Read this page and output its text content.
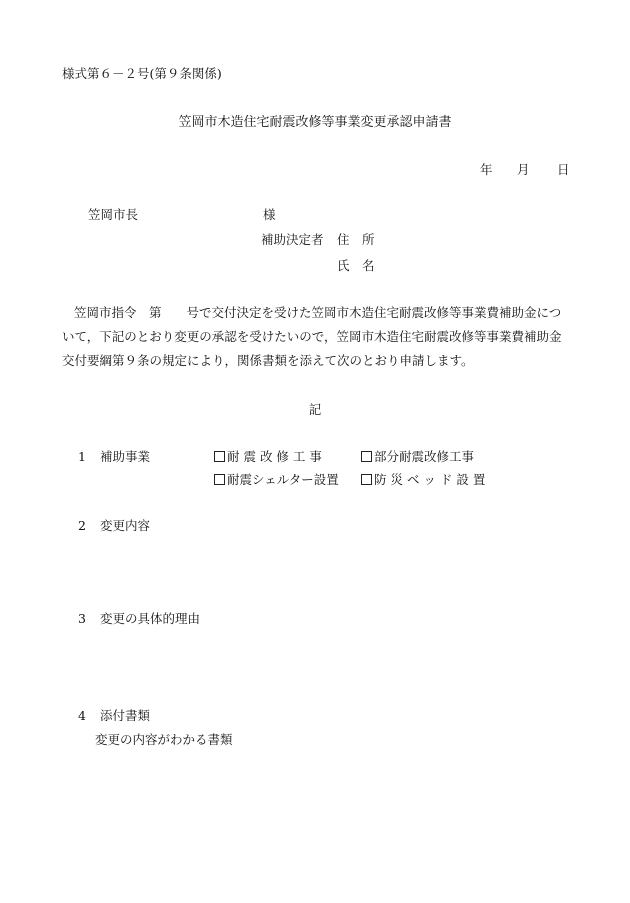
様式第６－２号(第９条関係)
笠岡市木造住宅耐震改修等事業変更承認申請書
年 月 日
笠岡市長	様
補助決定者 住　所
氏　名
笠岡市指令　第　　号で交付決定を受けた笠岡市木造住宅耐震改修等事業費補助金につ
いて，下記のとおり変更の承認を受けたいので，笠岡市木造住宅耐震改修等事業費補助金
交付要綱第９条の規定により，関係書類を添えて次のとおり申請します。
記
1 補助事業	耐 震 改 修 工 事	部分耐震改修工事
耐震シェルター設置	防 災 ベ ッ ド 設 置
2 変更内容
3 変更の具体的理由
4 添付書類
変更の内容がわかる書類
